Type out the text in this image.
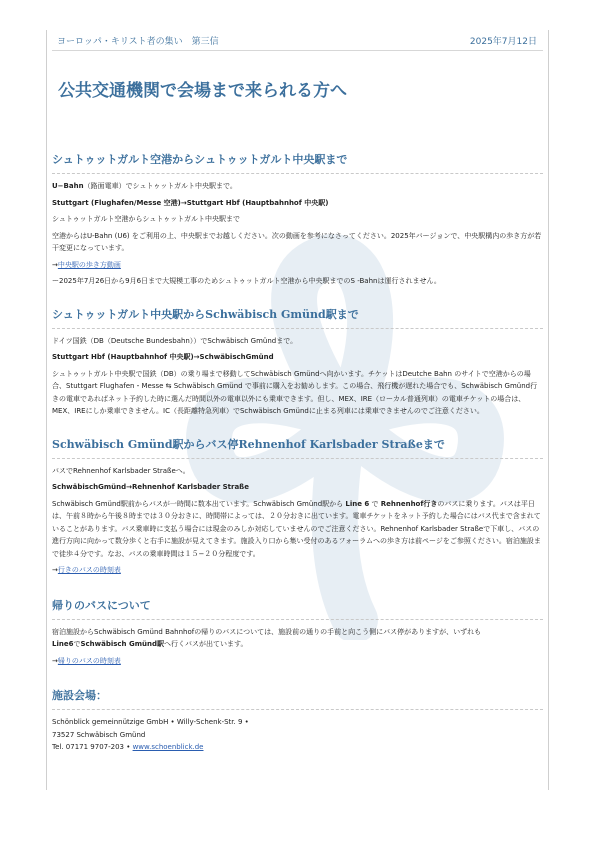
ヨーロッパ・キリスト者の集い　第三信	2025年7月12日
公共交通機関で会場まで来られる方へ

シュトゥットガルト空港からシュトゥットガルト中央駅まで

U−Bahn（路面電車）でシュトゥットガルト中央駅まで。

Stuttgart (Flughafen/Messe 空港)→Stuttgart Hbf (Hauptbahnhof 中央駅)

シュトゥットガルト空港からシュトゥットガルト中央駅まで

空港からはU-Bahn (U6) をご利用の上、中央駅までお越しください。次の動画を参考になさってください。2025年バージョンで、中央駅構内の歩き方が若干変更になっています。

→中央駅の歩き方動画

ー2025年7月26日から9月6日まで大規模工事のためシュトゥットガルト空港から中央駅までのS -Bahnは運行されません。

シュトゥットガルト中央駅からSchwäbisch Gmünd駅まで

ドイツ国鉄（DB（Deutsche Bundesbahn））でSchwäbisch Gmündまで。

Stuttgart Hbf (Hauptbahnhof 中央駅)→SchwäbischGmünd

シュトゥットガルト中央駅で国鉄（DB）の乗り場まで移動してSchwäbisch Gmündへ向かいます。チケットはDeutche Bahn のサイトで空港からの場合、Stuttgart Flughafen・Messe ⇆ Schwäbisch Gmünd で事前に購入をお勧めします。この場合、飛行機が遅れた場合でも、Schwäbisch Gmünd行きの電車であればネット予約した時に選んだ時間以外の電車以外にも乗車できます。但し、MEX、IRE（ローカル普通列車）の電車チケットの場合は、MEX、IREにしか乗車できません。IC（長距離特急列車）でSchwäbisch Gmündに止まる列車には乗車できませんのでご注意ください。

Schwäbisch Gmünd駅からバス停Rehnenhof Karlsbader Straßeまで

バスでRehnenhof Karlsbader Straßeへ。

SchwäbischGmünd→Rehnenhof Karlsbader Straße

Schwäbisch Gmünd駅前からバスが一時間に数本出ています。Schwäbisch Gmünd駅から Line 6 で Rehnenhof行きのバスに乗ります。バスは平日は、午前８時から午後８時までは３０分おきに、時間帯によっては、２０分おきに出ています。電車チケットをネット予約した場合にはバス代まで含まれていることがあります。バス乗車時に支払う場合には現金のみしか対応していませんのでご注意ください。Rehnenhof Karlsbader Straßeで下車し、バスの進行方向に向かって数分歩くと右手に施設が見えてきます。施設入り口から集い受付のあるフォーラムへの歩き方は前ページをご参照ください。宿泊施設まで徒歩４分です。なお、バスの乗車時間は１５−２０分程度です。

→行きのバスの時刻表

帰りのバスについて

宿泊施設からSchwäbisch Gmünd Bahnhofの帰りのバスについては、施設前の通りの手前と向こう側にバス停がありますが、いずれも
Line6でSchwäbisch Gmünd駅へ行くバスが出ています。

→帰りのバスの時刻表

施設会場：

Schönblick gemeinnützige GmbH • Willy-Schenk-Str. 9 •
73527 Schwäbisch Gmünd
Tel. 07171 9707-203 • www.schoenblick.de
